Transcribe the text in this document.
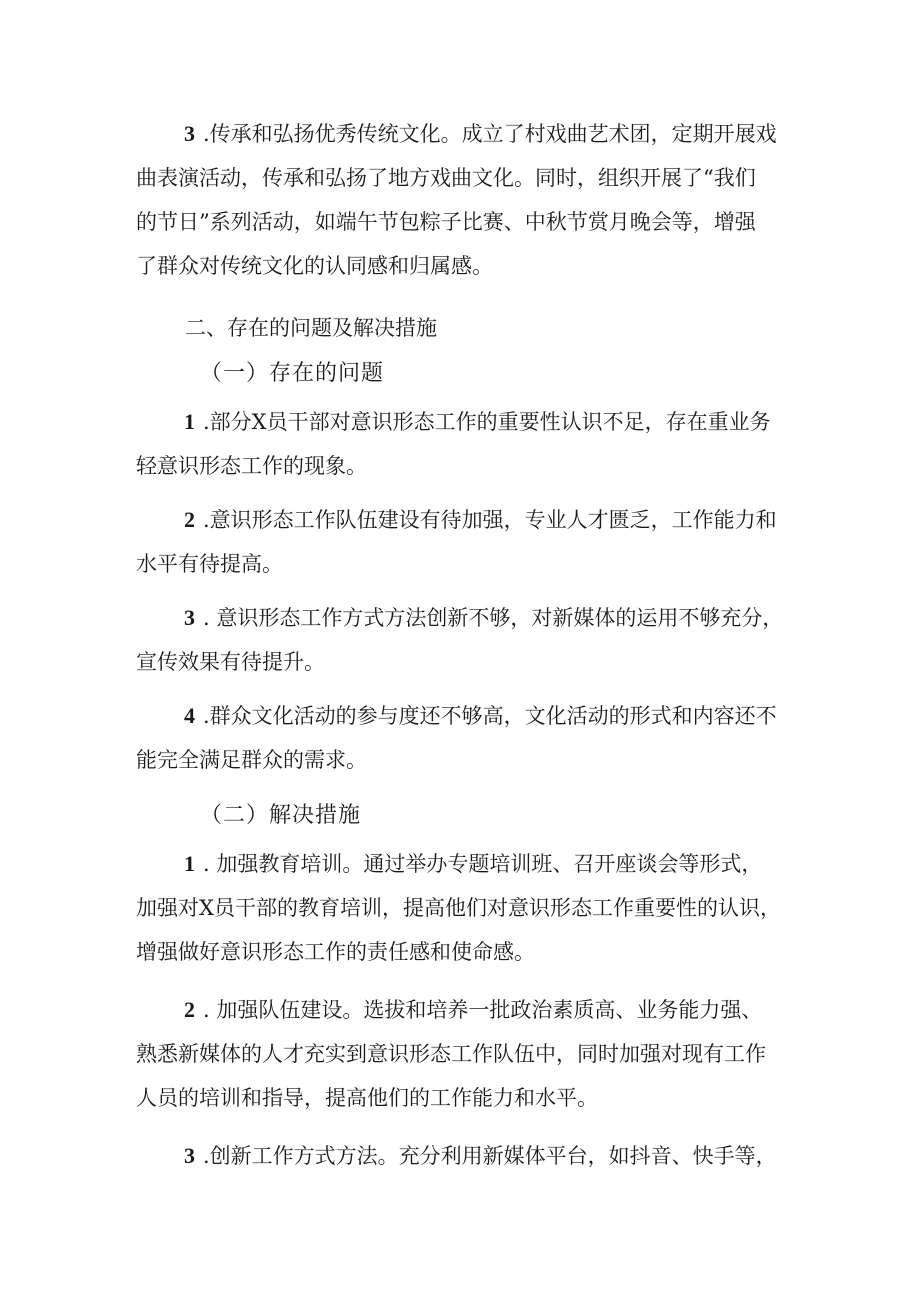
3 .传承和弘扬优秀传统文化。成立了村戏曲艺术团，定期开展戏
曲表演活动，传承和弘扬了地方戏曲文化。同时，组织开展了“我们
的节日”系列活动，如端午节包粽子比赛、中秋节赏月晚会等，增强
了群众对传统文化的认同感和归属感。

二、存在的问题及解决措施

（一）存在的问题

1 .部分X员干部对意识形态工作的重要性认识不足，存在重业务
轻意识形态工作的现象。
2 .意识形态工作队伍建设有待加强，专业人才匮乏，工作能力和
水平有待提高。
3 . 意识形态工作方式方法创新不够，对新媒体的运用不够充分，
宣传效果有待提升。
4 .群众文化活动的参与度还不够高，文化活动的形式和内容还不
能完全满足群众的需求。

（二）解决措施

1 . 加强教育培训。通过举办专题培训班、召开座谈会等形式，
加强对X员干部的教育培训，提高他们对意识形态工作重要性的认识，
增强做好意识形态工作的责任感和使命感。
2 . 加强队伍建设。选拔和培养一批政治素质高、业务能力强、
熟悉新媒体的人才充实到意识形态工作队伍中，同时加强对现有工作
人员的培训和指导，提高他们的工作能力和水平。
3 .创新工作方式方法。充分利用新媒体平台，如抖音、快手等，
